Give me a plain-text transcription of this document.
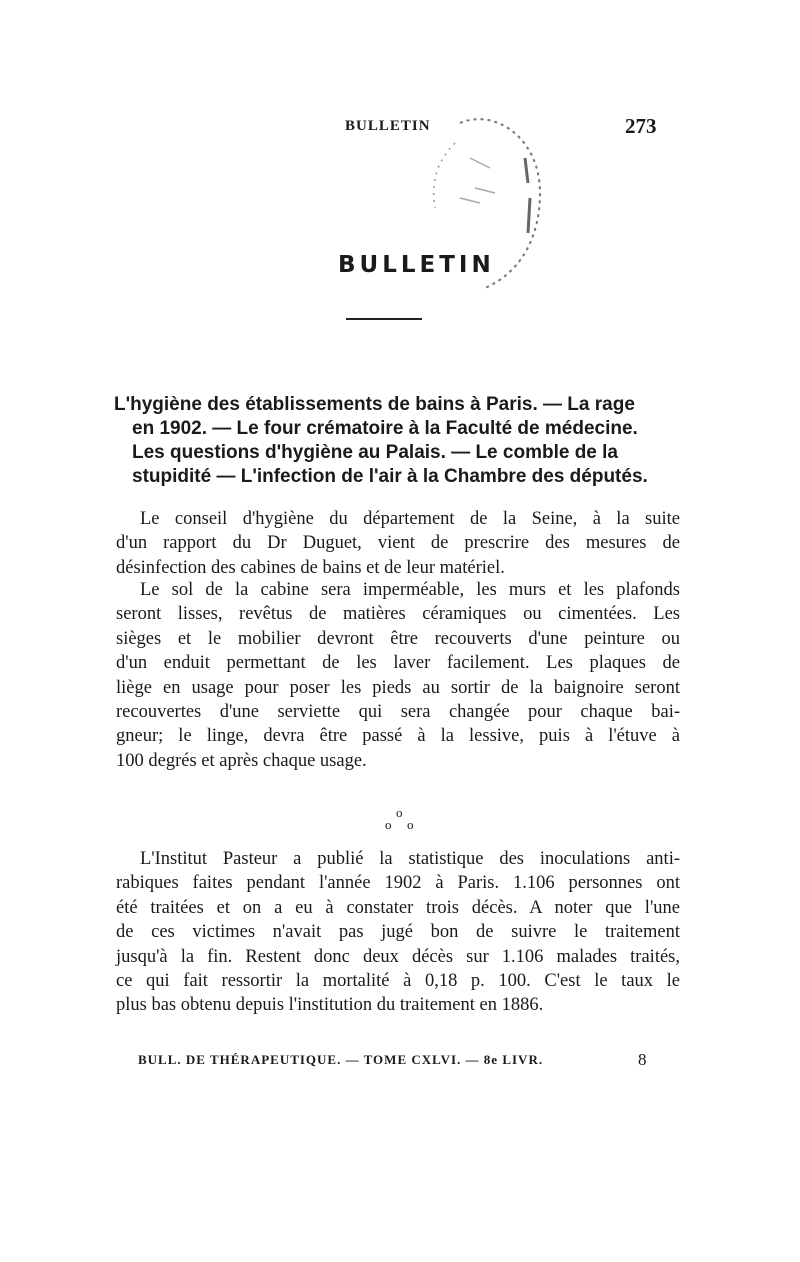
BULLETIN	273
BULLETIN
L'hygiène des établissements de bains à Paris. — La rage
en 1902. — Le four crématoire à la Faculté de médecine.
Les questions d'hygiène au Palais. — Le comble de la
stupidité — L'infection de l'air à la Chambre des députés.
Le conseil d'hygiène du département de la Seine, à la suite
d'un rapport du Dr Duguet, vient de prescrire des mesures de
désinfection des cabines de bains et de leur matériel.
Le sol de la cabine sera imperméable, les murs et les plafonds
seront lisses, revêtus de matières céramiques ou cimentées. Les
sièges et le mobilier devront être recouverts d'une peinture ou
d'un enduit permettant de les laver facilement. Les plaques de
liège en usage pour poser les pieds au sortir de la baignoire seront
recouvertes d'une serviette qui sera changée pour chaque bai-
gneur; le linge, devra être passé à la lessive, puis à l'étuve à
100 degrés et après chaque usage.
o
o o
L'Institut Pasteur a publié la statistique des inoculations anti-
rabiques faites pendant l'année 1902 à Paris. 1.106 personnes ont
été traitées et on a eu à constater trois décès. A noter que l'une
de ces victimes n'avait pas jugé bon de suivre le traitement
jusqu'à la fin. Restent donc deux décès sur 1.106 malades traités,
ce qui fait ressortir la mortalité à 0,18 p. 100. C'est le taux le
plus bas obtenu depuis l'institution du traitement en 1886.
BULL. DE THÉRAPEUTIQUE. — TOME CXLVI. — 8e LIVR.	8
